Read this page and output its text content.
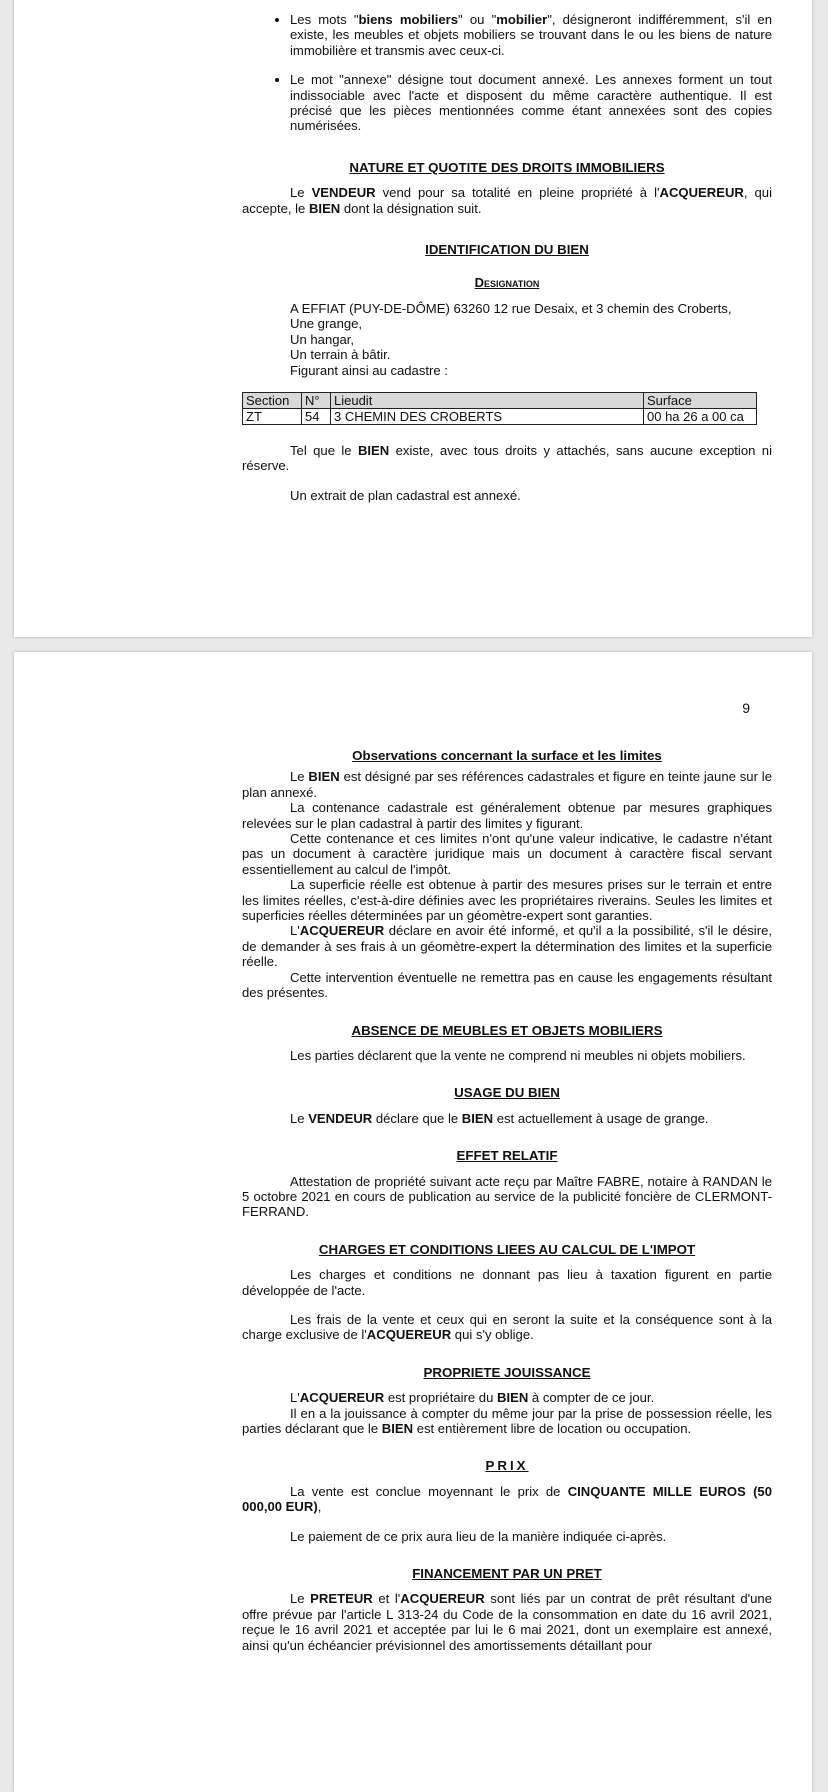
• Les mots "biens mobiliers" ou "mobilier", désigneront indifféremment, s'il en existe, les meubles et objets mobiliers se trouvant dans le ou les biens de nature immobilière et transmis avec ceux-ci.
• Le mot "annexe" désigne tout document annexé. Les annexes forment un tout indissociable avec l'acte et disposent du même caractère authentique. Il est précisé que les pièces mentionnées comme étant annexées sont des copies numérisées.

NATURE ET QUOTITE DES DROITS IMMOBILIERS

Le VENDEUR vend pour sa totalité en pleine propriété à l'ACQUEREUR, qui accepte, le BIEN dont la désignation suit.

IDENTIFICATION DU BIEN

Designation

A EFFIAT (PUY-DE-DÔME) 63260 12 rue Desaix, et 3 chemin des Croberts,
Une grange,
Un hangar,
Un terrain à bâtir.
Figurant ainsi au cadastre :
Section	N°	Lieudit	Surface
ZT	54	3 CHEMIN DES CROBERTS	00 ha 26 a 00 ca

Tel que le BIEN existe, avec tous droits y attachés, sans aucune exception ni réserve.

Un extrait de plan cadastral est annexé.

9

Observations concernant la surface et les limites

Le BIEN est désigné par ses références cadastrales et figure en teinte jaune sur le plan annexé.

La contenance cadastrale est généralement obtenue par mesures graphiques relevées sur le plan cadastral à partir des limites y figurant.

Cette contenance et ces limites n'ont qu'une valeur indicative, le cadastre n'étant pas un document à caractère juridique mais un document à caractère fiscal servant essentiellement au calcul de l'impôt.

La superficie réelle est obtenue à partir des mesures prises sur le terrain et entre les limites réelles, c'est-à-dire définies avec les propriétaires riverains. Seules les limites et superficies réelles déterminées par un géomètre-expert sont garanties.

L'ACQUEREUR déclare en avoir été informé, et qu'il a la possibilité, s'il le désire, de demander à ses frais à un géomètre-expert la détermination des limites et la superficie réelle.

Cette intervention éventuelle ne remettra pas en cause les engagements résultant des présentes.

ABSENCE DE MEUBLES ET OBJETS MOBILIERS

Les parties déclarent que la vente ne comprend ni meubles ni objets mobiliers.

USAGE DU BIEN

Le VENDEUR déclare que le BIEN est actuellement à usage de grange.

EFFET RELATIF

Attestation de propriété suivant acte reçu par Maître FABRE, notaire à RANDAN le 5 octobre 2021 en cours de publication au service de la publicité foncière de CLERMONT-FERRAND.

CHARGES ET CONDITIONS LIEES AU CALCUL DE L'IMPOT

Les charges et conditions ne donnant pas lieu à taxation figurent en partie développée de l'acte.

Les frais de la vente et ceux qui en seront la suite et la conséquence sont à la charge exclusive de l'ACQUEREUR qui s'y oblige.

PROPRIETE JOUISSANCE

L'ACQUEREUR est propriétaire du BIEN à compter de ce jour.

Il en a la jouissance à compter du même jour par la prise de possession réelle, les parties déclarant que le BIEN est entièrement libre de location ou occupation.

PRIX

La vente est conclue moyennant le prix de CINQUANTE MILLE EUROS (50 000,00 EUR),

Le paiement de ce prix aura lieu de la manière indiquée ci-après.

FINANCEMENT PAR UN PRET

Le PRETEUR et l'ACQUEREUR sont liés par un contrat de prêt résultant d'une offre prévue par l'article L 313-24 du Code de la consommation en date du 16 avril 2021, reçue le 16 avril 2021 et acceptée par lui le 6 mai 2021, dont un exemplaire est annexé, ainsi qu'un échéancier prévisionnel des amortissements détaillant pour
